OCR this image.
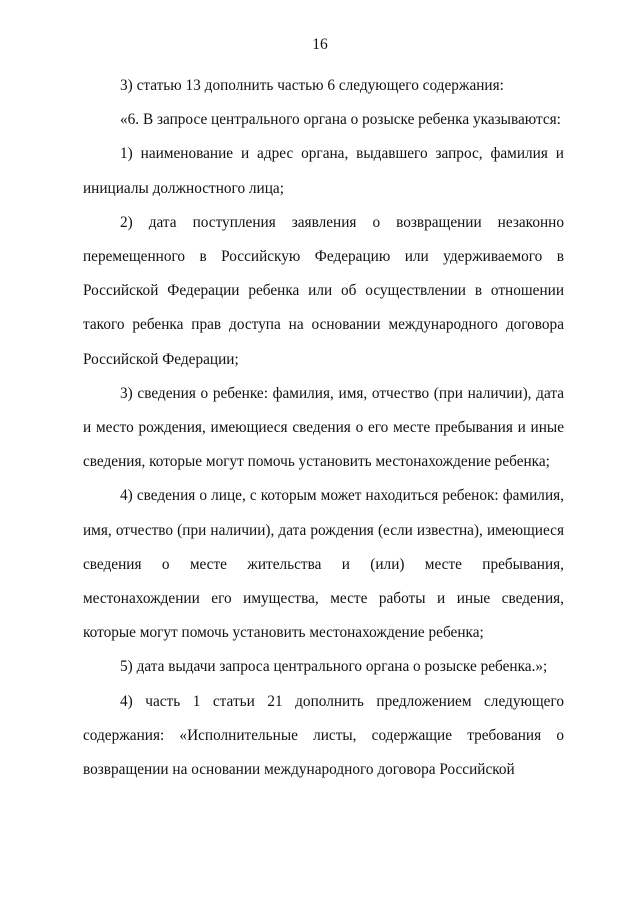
16

3) статью 13 дополнить частью 6 следующего содержания:

«6. В запросе центрального органа о розыске ребенка указываются:

1) наименование и адрес органа, выдавшего запрос, фамилия и инициалы должностного лица;

2) дата поступления заявления о возвращении незаконно перемещенного в Российскую Федерацию или удерживаемого в Российской Федерации ребенка или об осуществлении в отношении такого ребенка прав доступа на основании международного договора Российской Федерации;

3) сведения о ребенке: фамилия, имя, отчество (при наличии), дата и место рождения, имеющиеся сведения о его месте пребывания и иные сведения, которые могут помочь установить местонахождение ребенка;

4) сведения о лице, с которым может находиться ребенок: фамилия, имя, отчество (при наличии), дата рождения (если известна), имеющиеся сведения о месте жительства и (или) месте пребывания, местонахождении его имущества, месте работы и иные сведения, которые могут помочь установить местонахождение ребенка;

5) дата выдачи запроса центрального органа о розыске ребенка.»;

4) часть 1 статьи 21 дополнить предложением следующего содержания: «Исполнительные листы, содержащие требования о возвращении на основании международного договора Российской
